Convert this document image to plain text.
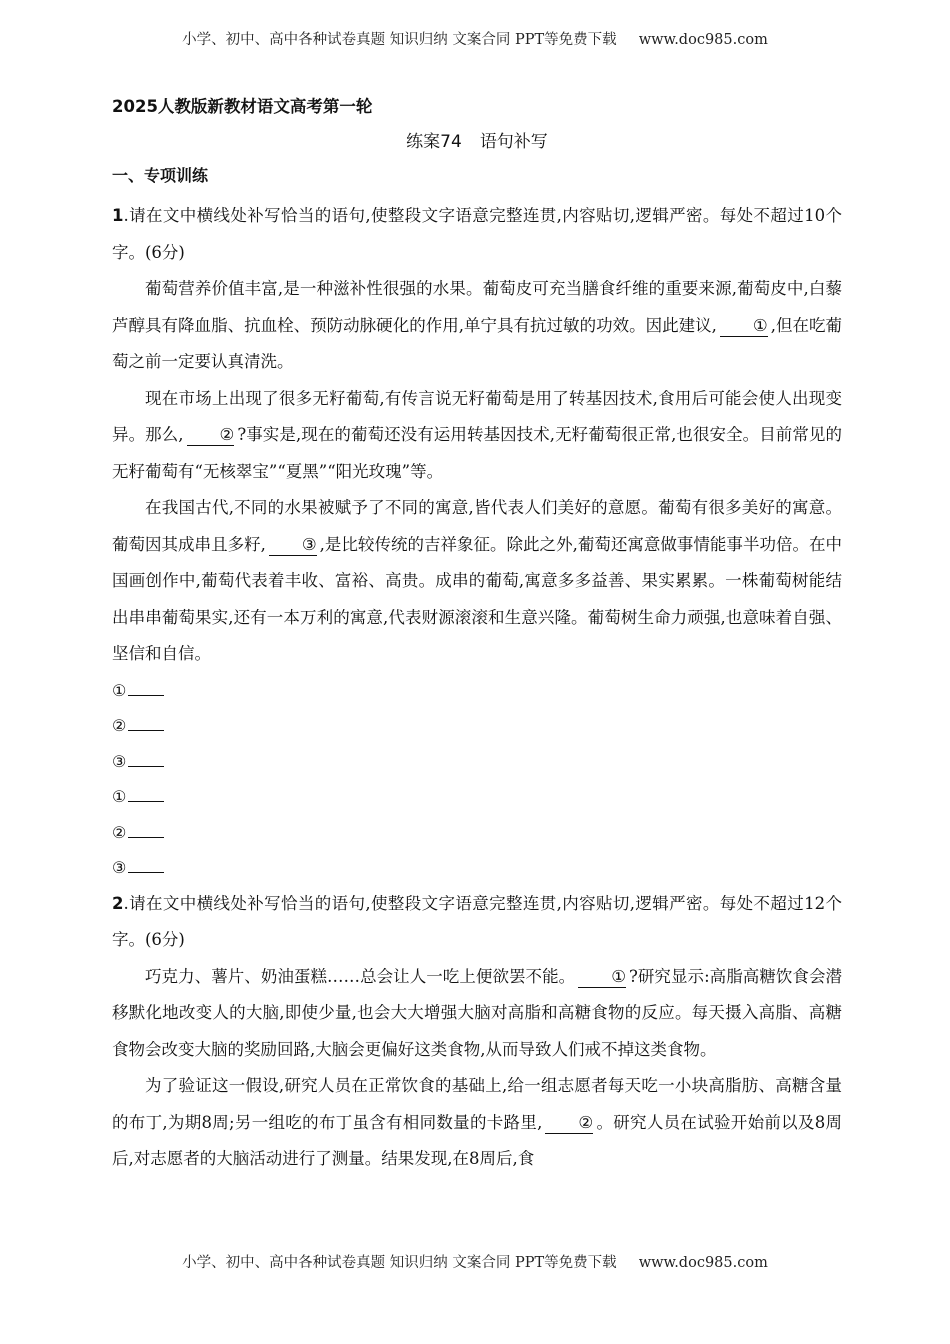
小学、初中、高中各种试卷真题 知识归纳 文案合同 PPT等免费下载 www.doc985.com
2025人教版新教材语文高考第一轮
练案74 语句补写
一、专项训练

1.请在文中横线处补写恰当的语句,使整段文字语意完整连贯,内容贴切,逻辑严密。每处不超过10个字。(6分)

葡萄营养价值丰富,是一种滋补性很强的水果。葡萄皮可充当膳食纤维的重要来源,葡萄皮中,白藜芦醇具有降血脂、抗血栓、预防动脉硬化的作用,单宁具有抗过敏的功效。因此建议, ① ,但在吃葡萄之前一定要认真清洗。

现在市场上出现了很多无籽葡萄,有传言说无籽葡萄是用了转基因技术,食用后可能会使人出现变异。那么, ② ?事实是,现在的葡萄还没有运用转基因技术,无籽葡萄很正常,也很安全。目前常见的无籽葡萄有“无核翠宝”“夏黑”“阳光玫瑰”等。

在我国古代,不同的水果被赋予了不同的寓意,皆代表人们美好的意愿。葡萄有很多美好的寓意。葡萄因其成串且多籽, ③ ,是比较传统的吉祥象征。除此之外,葡萄还寓意做事情能事半功倍。在中国画创作中,葡萄代表着丰收、富裕、高贵。成串的葡萄,寓意多多益善、果实累累。一株葡萄树能结出串串葡萄果实,还有一本万利的寓意,代表财源滚滚和生意兴隆。葡萄树生命力顽强,也意味着自强、坚信和自信。

①
②
③
①
②
③

2.请在文中横线处补写恰当的语句,使整段文字语意完整连贯,内容贴切,逻辑严密。每处不超过12个字。(6分)

巧克力、薯片、奶油蛋糕……总会让人一吃上便欲罢不能。 ① ?研究显示:高脂高糖饮食会潜移默化地改变人的大脑,即使少量,也会大大增强大脑对高脂和高糖食物的反应。每天摄入高脂、高糖食物会改变大脑的奖励回路,大脑会更偏好这类食物,从而导致人们戒不掉这类食物。

为了验证这一假设,研究人员在正常饮食的基础上,给一组志愿者每天吃一小块高脂肪、高糖含量的布丁,为期8周;另一组吃的布丁虽含有相同数量的卡路里, ② 。研究人员在试验开始前以及8周后,对志愿者的大脑活动进行了测量。结果发现,在8周后,食

小学、初中、高中各种试卷真题 知识归纳 文案合同 PPT等免费下载 www.doc985.com
